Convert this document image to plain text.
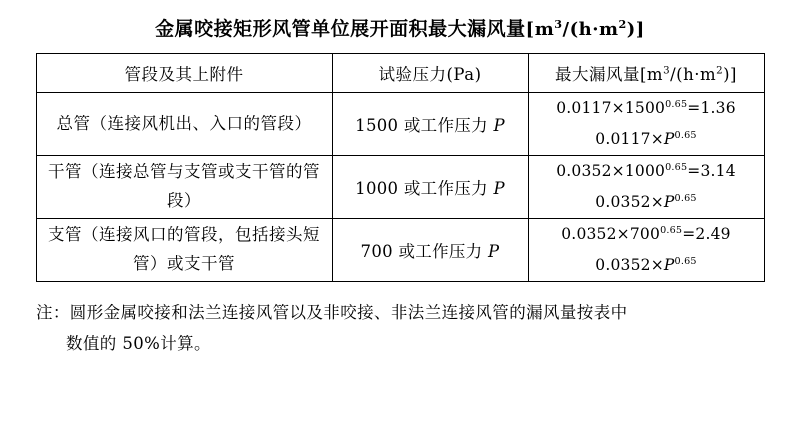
金属咬接矩形风管单位展开面积最大漏风量$[m^3/(h\cdot m^2)]$
管段及其上附件	试验压力(Pa)	最大漏风量$[m^3/(h\cdot m^2)]$
总管（连接风机出、入口的管段）	1500 或工作压力 P	$0.0117\times 1500^{0.65}=1.36$
$0.0117\times P^{0.65}$

干管（连接总管与支管或支干管的管段）	1000 或工作压力 P	$0.0352\times 1000^{0.65}=3.14$
$0.0352\times P^{0.65}$

支管（连接风口的管段，包括接头短管）或支干管	700 或工作压力 P	$0.0352\times 700^{0.65}=2.49$
$0.0352\times P^{0.65}$
注：圆形金属咬接和法兰连接风管以及非咬接、非法兰连接风管的漏风量按表中
数值的 50%计算。
